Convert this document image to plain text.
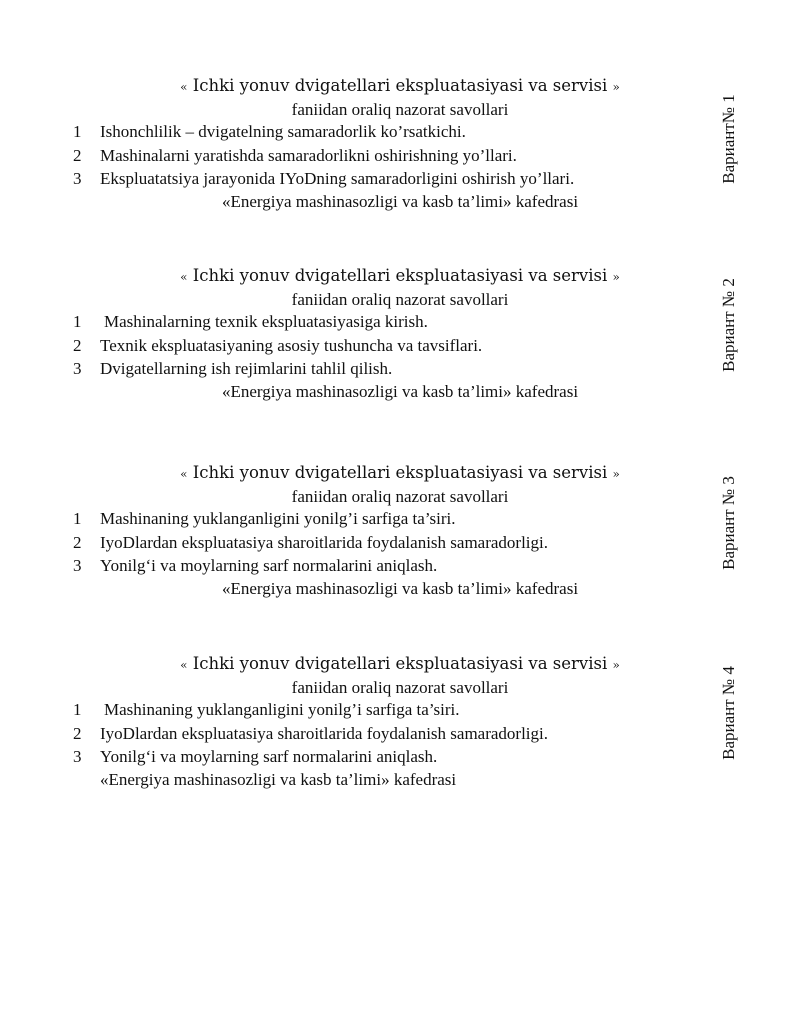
« Ichki yonuv dvigatellari ekspluatasiyasi va servisi »
faniidan oraliq nazorat savollari
1 Ishonchlilik – dvigatelning samaradorlik ko’rsatkichi.
2 Mashinalarni yaratishda samaradorlikni oshirishning yo’llari.
3 Ekspluatatsiya jarayonida IYoDning samaradorligini oshirish yo’llari.
«Energiya mashinasozligi va kasb ta’limi» kafedrasi
Вариант№ 1
« Ichki yonuv dvigatellari ekspluatasiyasi va servisi »
faniidan oraliq nazorat savollari
1 Mashinalarning texnik ekspluatasiyasiga kirish.
2 Texnik ekspluatasiyaning asosiy tushuncha va tavsiflari.
3 Dvigatellarning ish rejimlarini tahlil qilish.
«Energiya mashinasozligi va kasb ta’limi» kafedrasi
Вариант № 2
« Ichki yonuv dvigatellari ekspluatasiyasi va servisi »
faniidan oraliq nazorat savollari
1 Mashinaning yuklanganligini yonilg’i sarfiga ta’siri.
2 IyoDlardan ekspluatasiya sharoitlarida foydalanish samaradorligi.
3 Yonilg‘i va moylarning sarf normalarini aniqlash.
«Energiya mashinasozligi va kasb ta’limi» kafedrasi
Вариант № 3
« Ichki yonuv dvigatellari ekspluatasiyasi va servisi »
faniidan oraliq nazorat savollari
1 Mashinaning yuklanganligini yonilg’i sarfiga ta’siri.
2 IyoDlardan ekspluatasiya sharoitlarida foydalanish samaradorligi.
3 Yonilg‘i va moylarning sarf normalarini aniqlash.
«Energiya mashinasozligi va kasb ta’limi» kafedrasi
Вариант № 4
